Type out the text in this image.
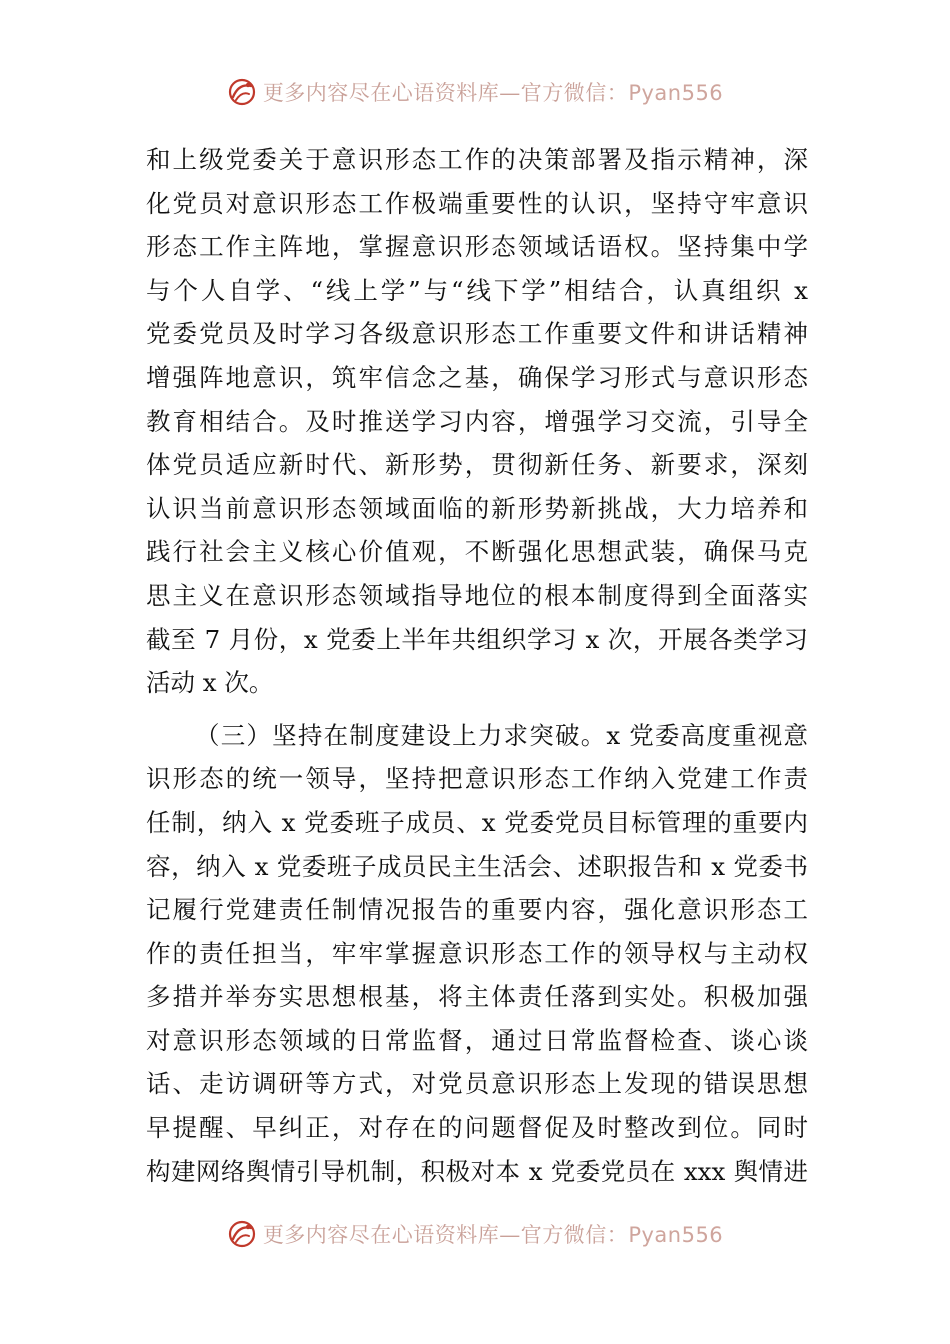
更多内容尽在心语资料库—官方微信：Pyan556
和上级党委关于意识形态工作的决策部署及指示精神，深
化党员对意识形态工作极端重要性的认识，坚持守牢意识
形态工作主阵地，掌握意识形态领域话语权。坚持集中学
与个人自学、“线上学”与“线下学”相结合，认真组织 x
党委党员及时学习各级意识形态工作重要文件和讲话精神
增强阵地意识，筑牢信念之基，确保学习形式与意识形态
教育相结合。及时推送学习内容，增强学习交流，引导全
体党员适应新时代、新形势，贯彻新任务、新要求，深刻
认识当前意识形态领域面临的新形势新挑战，大力培养和
践行社会主义核心价值观，不断强化思想武装，确保马克
思主义在意识形态领域指导地位的根本制度得到全面落实
截至 7 月份，x 党委上半年共组织学习 x 次，开展各类学习
活动 x 次。
（三）坚持在制度建设上力求突破。x 党委高度重视意
识形态的统一领导，坚持把意识形态工作纳入党建工作责
任制，纳入 x 党委班子成员、x 党委党员目标管理的重要内
容，纳入 x 党委班子成员民主生活会、述职报告和 x 党委书
记履行党建责任制情况报告的重要内容，强化意识形态工
作的责任担当，牢牢掌握意识形态工作的领导权与主动权
多措并举夯实思想根基，将主体责任落到实处。积极加强
对意识形态领域的日常监督，通过日常监督检查、谈心谈
话、走访调研等方式，对党员意识形态上发现的错误思想
早提醒、早纠正，对存在的问题督促及时整改到位。同时
构建网络舆情引导机制，积极对本 x 党委党员在 xxx 舆情进
更多内容尽在心语资料库—官方微信：Pyan556
